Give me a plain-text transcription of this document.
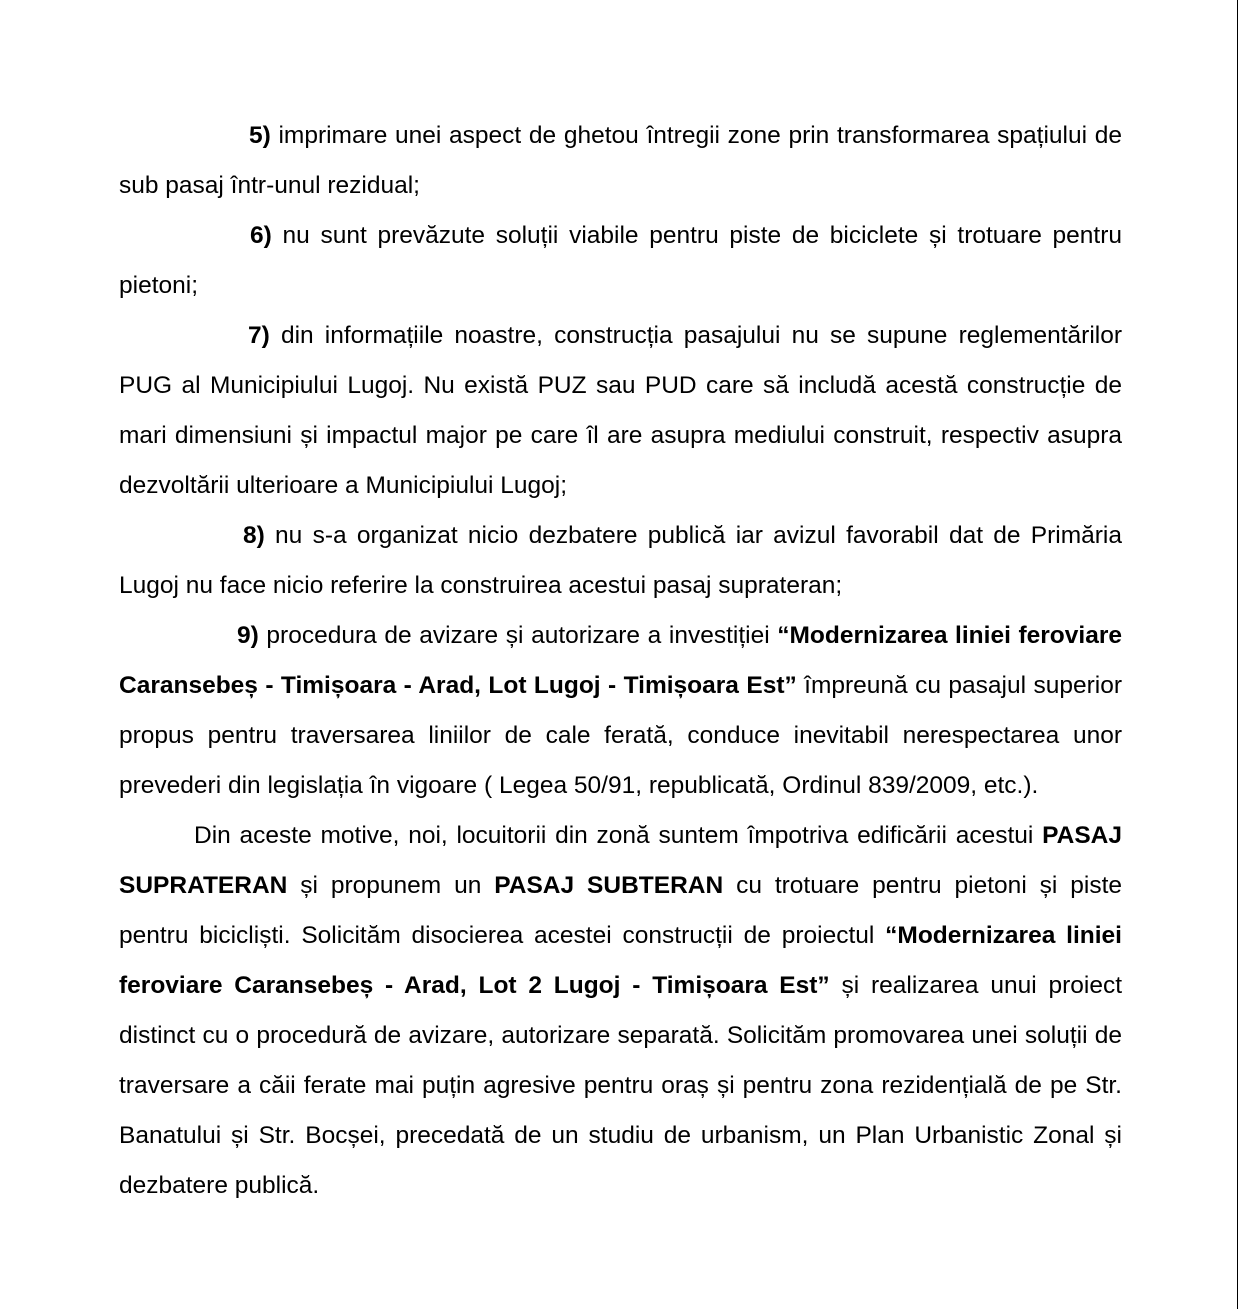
5) imprimare unei aspect de ghetou întregii zone prin transformarea spațiului de sub pasaj într-unul rezidual;

6) nu sunt prevăzute soluții viabile pentru piste de biciclete și trotuare pentru pietoni;

7) din informațiile noastre, construcția pasajului nu se supune reglementărilor PUG al Municipiului Lugoj. Nu există PUZ sau PUD care să includă acestă construcție de mari dimensiuni și impactul major pe care îl are asupra mediului construit, respectiv asupra dezvoltării ulterioare a Municipiului Lugoj;

8) nu s-a organizat nicio dezbatere publică iar avizul favorabil dat de Primăria Lugoj nu face nicio referire la construirea acestui pasaj suprateran;

9) procedura de avizare și autorizare a investiției “Modernizarea liniei feroviare Caransebeș - Timișoara - Arad, Lot Lugoj - Timișoara Est” împreună cu pasajul superior propus pentru traversarea liniilor de cale ferată, conduce inevitabil nerespectarea unor prevederi din legislația în vigoare ( Legea 50/91, republicată, Ordinul 839/2009, etc.).

Din aceste motive, noi, locuitorii din zonă suntem împotriva edificării acestui PASAJ SUPRATERAN și propunem un PASAJ SUBTERAN cu trotuare pentru pietoni și piste pentru bicicliști. Solicităm disocierea acestei construcții de proiectul “Modernizarea liniei feroviare Caransebeș - Arad, Lot 2 Lugoj - Timișoara Est” și realizarea unui proiect distinct cu o procedură de avizare, autorizare separată. Solicităm promovarea unei soluții de traversare a căii ferate mai puțin agresive pentru oraș și pentru zona rezidențială de pe Str. Banatului și Str. Bocșei, precedată de un studiu de urbanism, un Plan Urbanistic Zonal și dezbatere publică.
